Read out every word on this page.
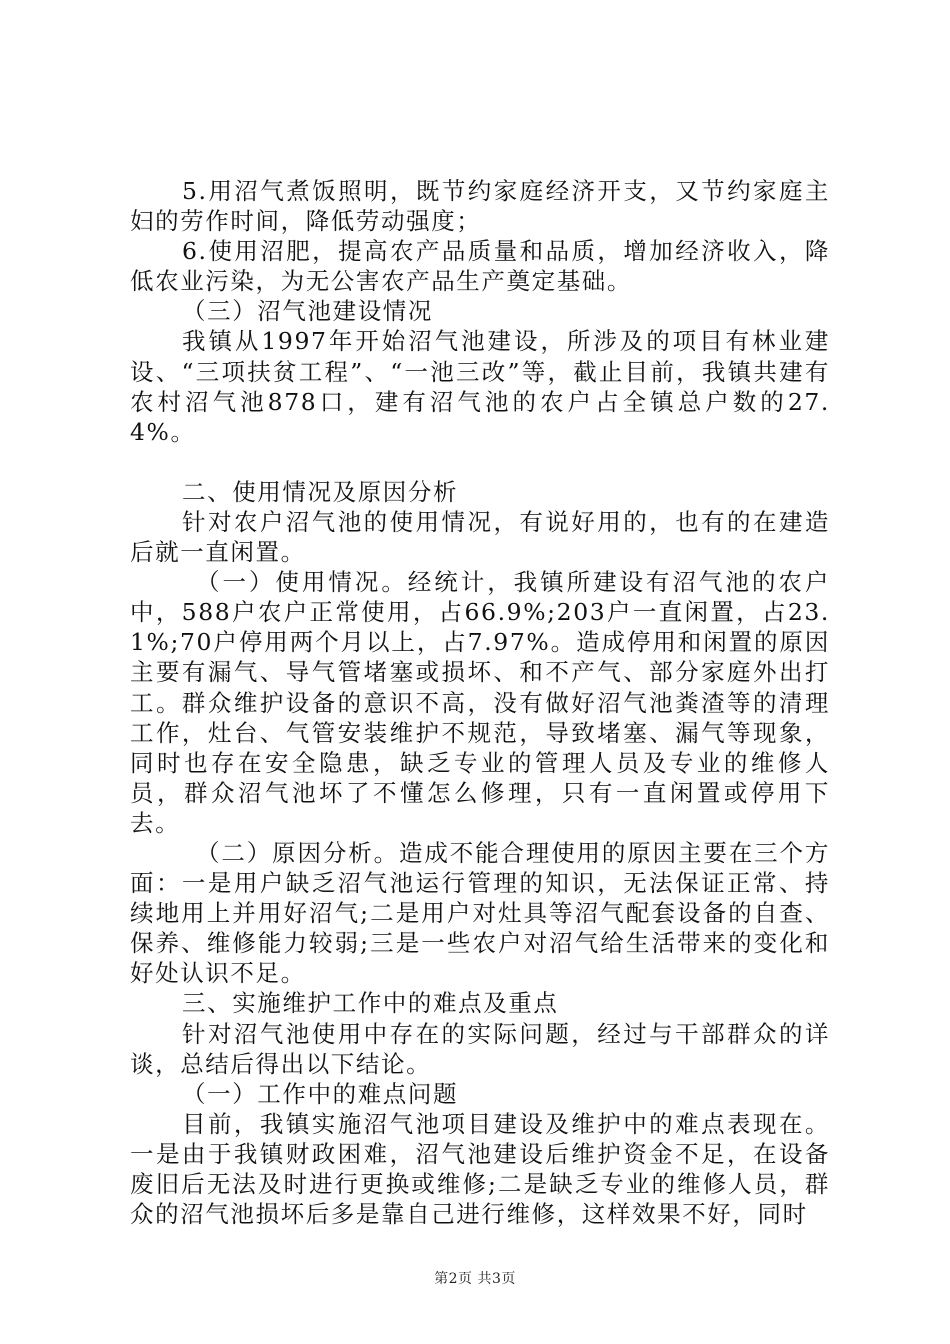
5.用沼气煮饭照明，既节约家庭经济开支，又节约家庭主妇的劳作时间，降低劳动强度；

6.使用沼肥，提高农产品质量和品质，增加经济收入，降低农业污染，为无公害农产品生产奠定基础。

（三）沼气池建设情况

我镇从1997年开始沼气池建设，所涉及的项目有林业建设、“三项扶贫工程”、“一池三改”等，截止目前，我镇共建有农村沼气池878口，建有沼气池的农户占全镇总户数的27.4%。

二、使用情况及原因分析

针对农户沼气池的使用情况，有说好用的，也有的在建造后就一直闲置。

（一）使用情况。经统计，我镇所建设有沼气池的农户中，588户农户正常使用，占66.9%;203户一直闲置，占23.1%;70户停用两个月以上，占7.97%。造成停用和闲置的原因主要有漏气、导气管堵塞或损坏、和不产气、部分家庭外出打工。群众维护设备的意识不高，没有做好沼气池粪渣等的清理工作，灶台、气管安装维护不规范，导致堵塞、漏气等现象，同时也存在安全隐患，缺乏专业的管理人员及专业的维修人员，群众沼气池坏了不懂怎么修理，只有一直闲置或停用下去。

（二）原因分析。造成不能合理使用的原因主要在三个方面：一是用户缺乏沼气池运行管理的知识，无法保证正常、持续地用上并用好沼气;二是用户对灶具等沼气配套设备的自查、保养、维修能力较弱;三是一些农户对沼气给生活带来的变化和好处认识不足。

三、实施维护工作中的难点及重点

针对沼气池使用中存在的实际问题，经过与干部群众的详谈，总结后得出以下结论。

（一）工作中的难点问题

目前，我镇实施沼气池项目建设及维护中的难点表现在。一是由于我镇财政困难，沼气池建设后维护资金不足，在设备废旧后无法及时进行更换或维修;二是缺乏专业的维修人员，群众的沼气池损坏后多是靠自己进行维修，这样效果不好，同时

第2页 共3页
